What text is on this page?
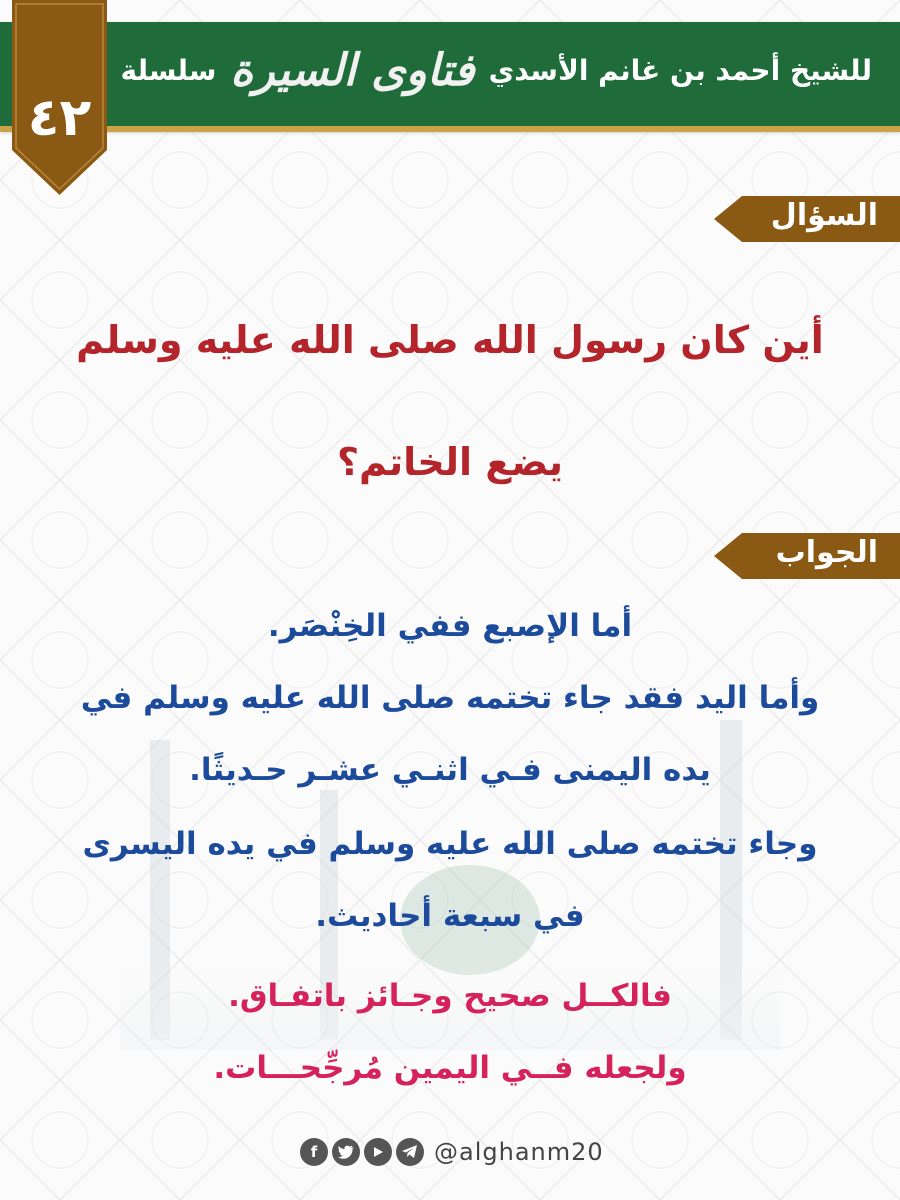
سلسلة فتاوى السيرة للشيخ أحمد بن غانم الأسدي
٤٢
السؤال
أين كان رسول الله صلى الله عليه وسلم
يضع الخاتم؟
الجواب
أما الإصبع ففي الخِنْصَر.
وأما اليد فقد جاء تختمه صلى الله عليه وسلم في
يده اليمنى فـي اثنـي عشـر حـديثًا.
وجاء تختمه صلى الله عليه وسلم في يده اليسرى
في سبعة أحاديث.
فالكــل صحيح وجـائز باتفـاق.
ولجعله فــي اليمين مُرجِّحـــات.
f	@alghanm20
